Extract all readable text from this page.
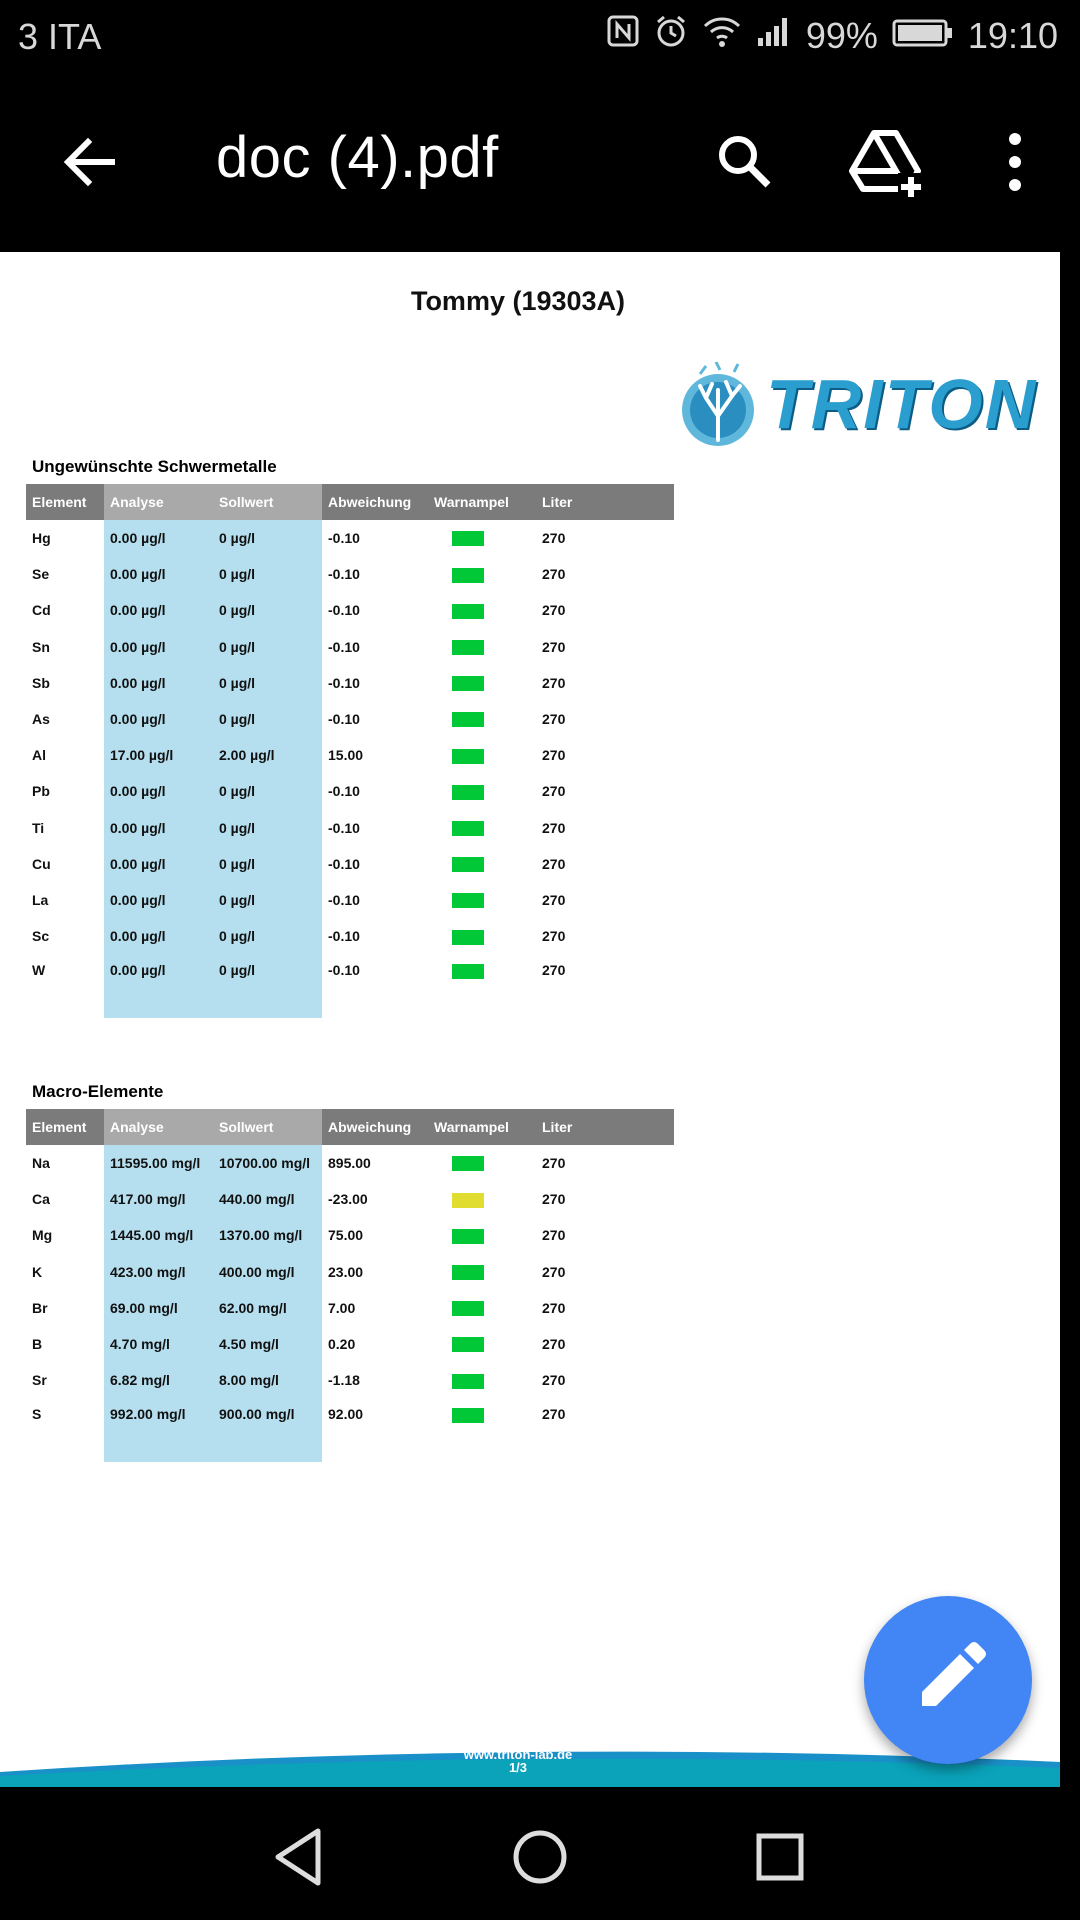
3 ITA	99%	19:10
doc (4).pdf
Tommy (19303A)
TRITON
Ungewünschte Schwermetalle
Element	Analyse	Sollwert	Abweichung	Warnampel	Liter
Hg	0.00 µg/l	0 µg/l	-0.10		270
Se	0.00 µg/l	0 µg/l	-0.10		270
Cd	0.00 µg/l	0 µg/l	-0.10		270
Sn	0.00 µg/l	0 µg/l	-0.10		270
Sb	0.00 µg/l	0 µg/l	-0.10		270
As	0.00 µg/l	0 µg/l	-0.10		270
Al	17.00 µg/l	2.00 µg/l	15.00		270
Pb	0.00 µg/l	0 µg/l	-0.10		270
Ti	0.00 µg/l	0 µg/l	-0.10		270
Cu	0.00 µg/l	0 µg/l	-0.10		270
La	0.00 µg/l	0 µg/l	-0.10		270
Sc	0.00 µg/l	0 µg/l	-0.10		270
W	0.00 µg/l	0 µg/l	-0.10		270
Macro-Elemente
Element	Analyse	Sollwert	Abweichung	Warnampel	Liter
Na	11595.00 mg/l	10700.00 mg/l	895.00		270
Ca	417.00 mg/l	440.00 mg/l	-23.00		270
Mg	1445.00 mg/l	1370.00 mg/l	75.00		270
K	423.00 mg/l	400.00 mg/l	23.00		270
Br	69.00 mg/l	62.00 mg/l	7.00		270
B	4.70 mg/l	4.50 mg/l	0.20		270
Sr	6.82 mg/l	8.00 mg/l	-1.18		270
S	992.00 mg/l	900.00 mg/l	92.00		270
www.triton-lab.de
1/3
